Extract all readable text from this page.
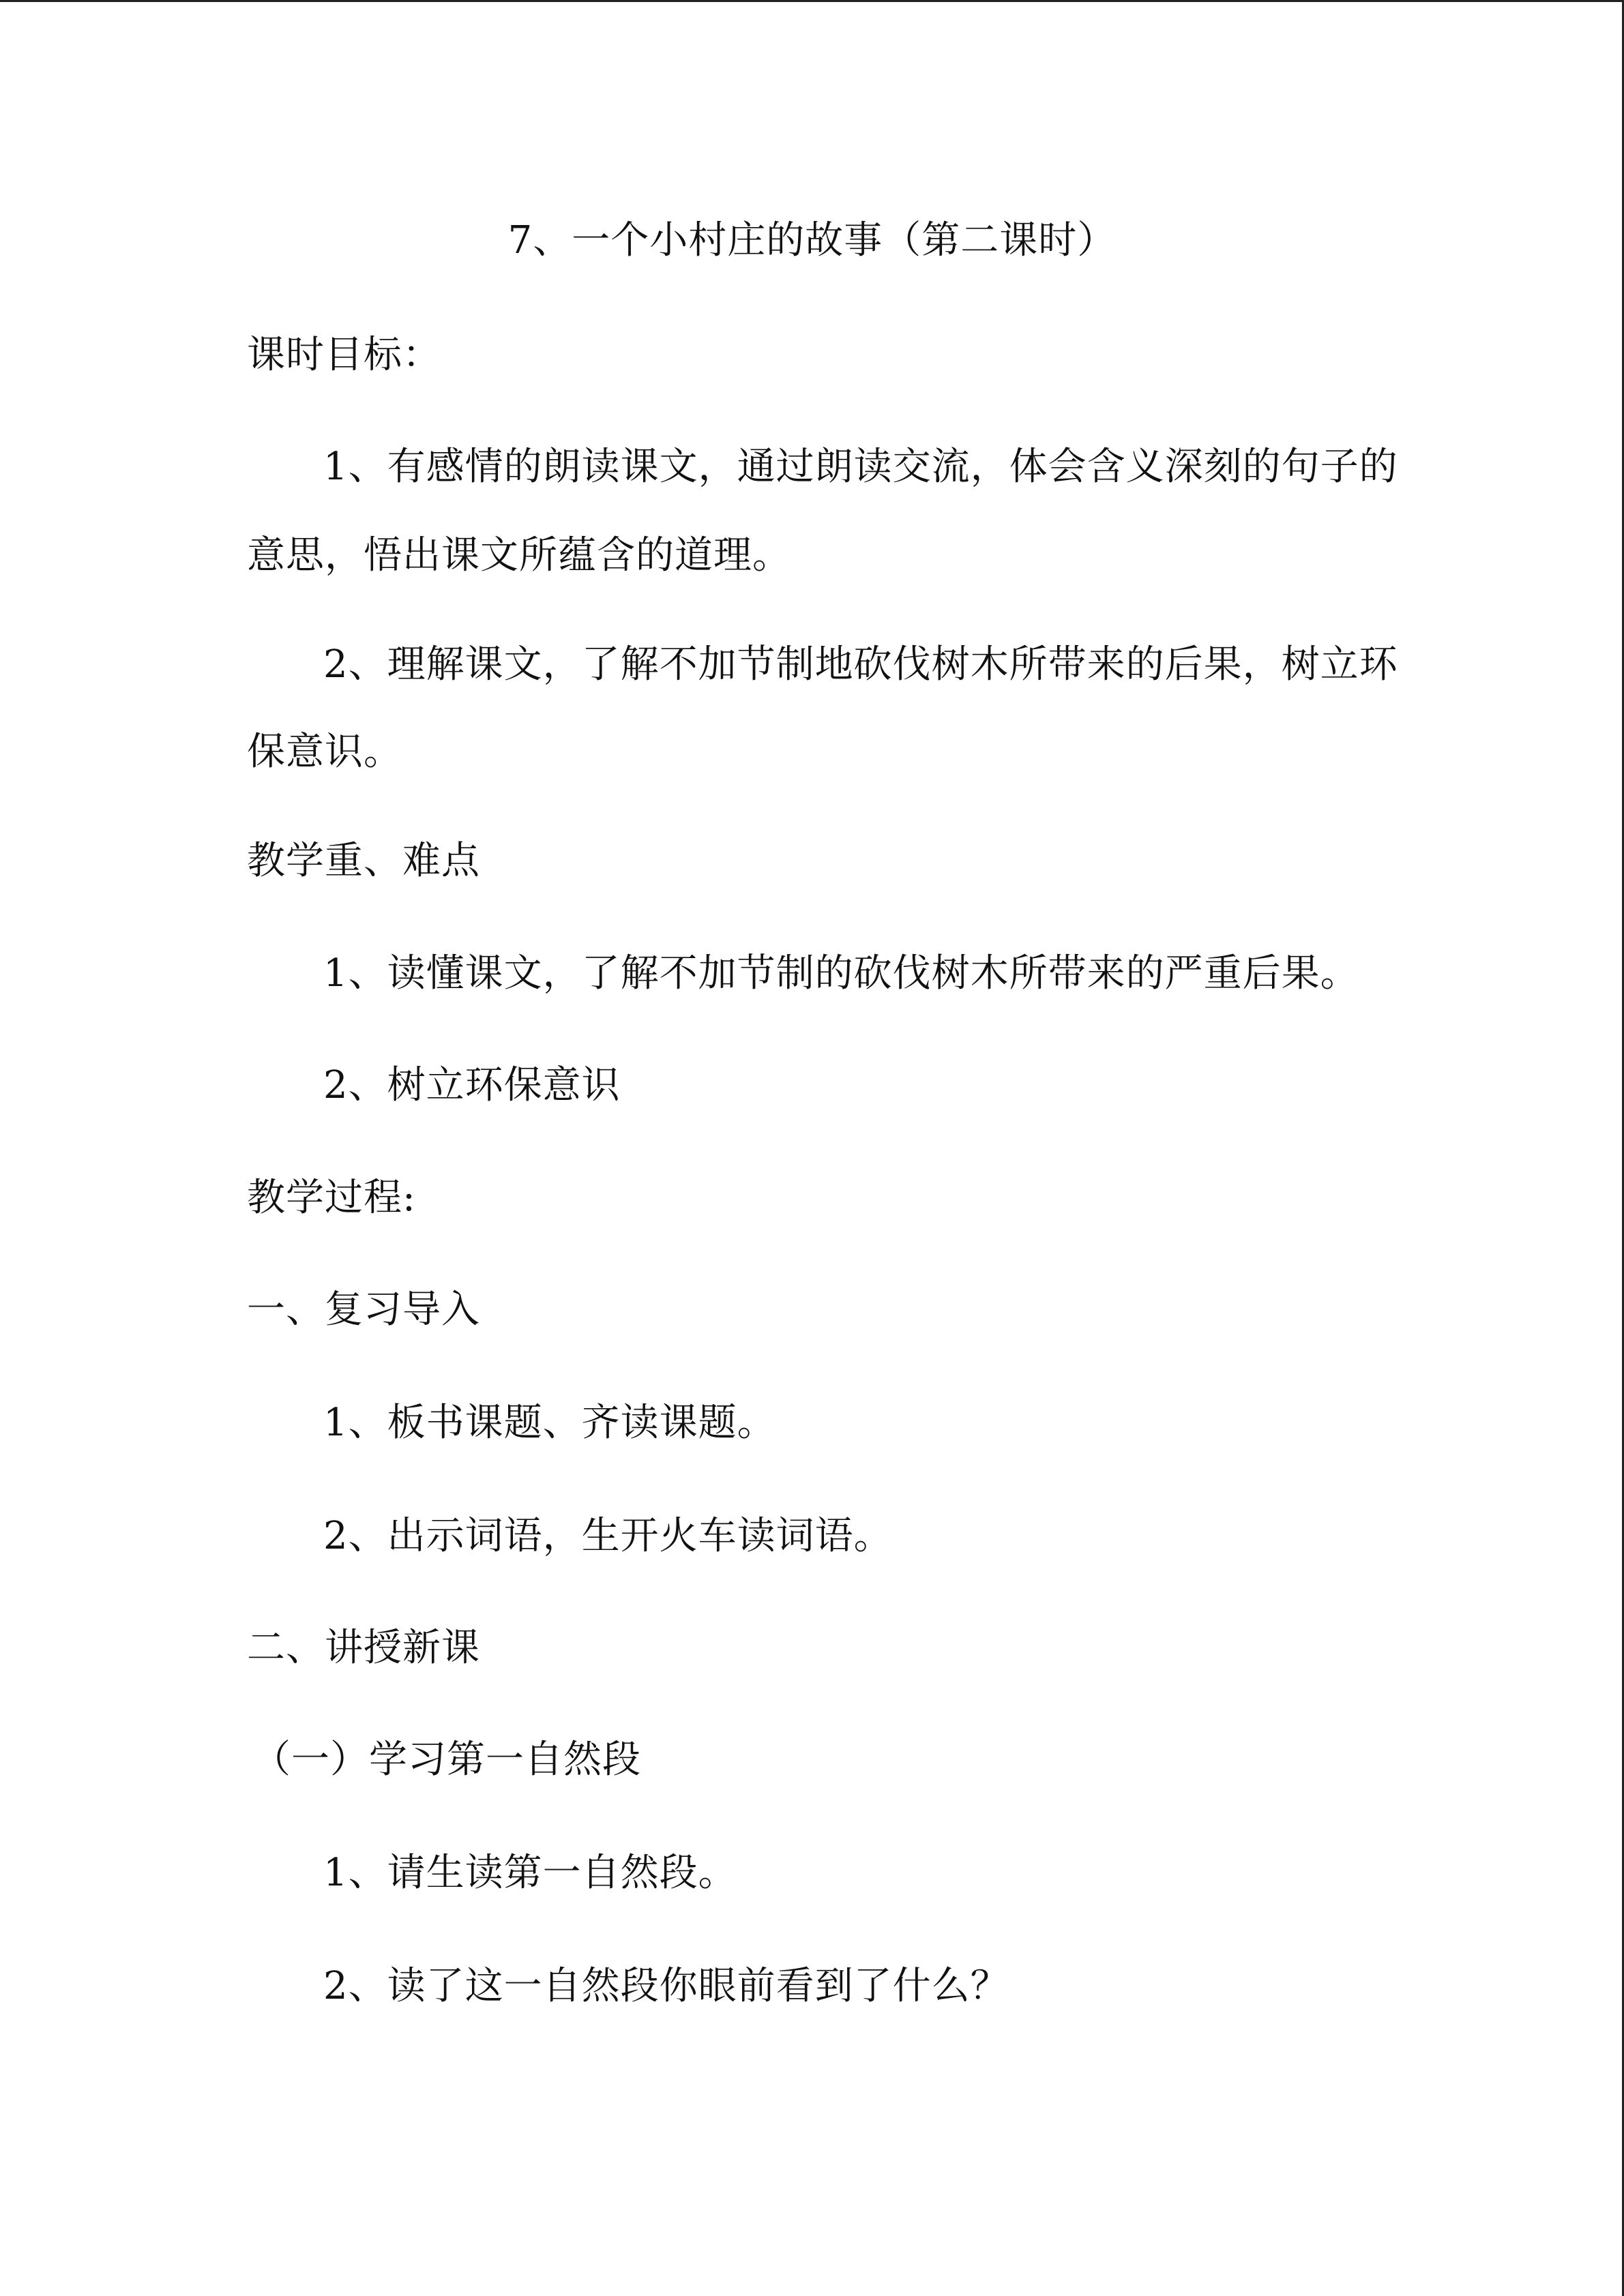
7、一个小村庄的故事（第二课时）
课时目标：
1、有感情的朗读课文，通过朗读交流，体会含义深刻的句子的
意思，悟出课文所蕴含的道理。
2、理解课文，了解不加节制地砍伐树木所带来的后果，树立环
保意识。
教学重、难点
1、读懂课文，了解不加节制的砍伐树木所带来的严重后果。
2、树立环保意识
教学过程:
一、复习导入
1、板书课题、齐读课题。
2、出示词语，生开火车读词语。
二、讲授新课
（一）学习第一自然段
1、请生读第一自然段。
2、读了这一自然段你眼前看到了什么？
